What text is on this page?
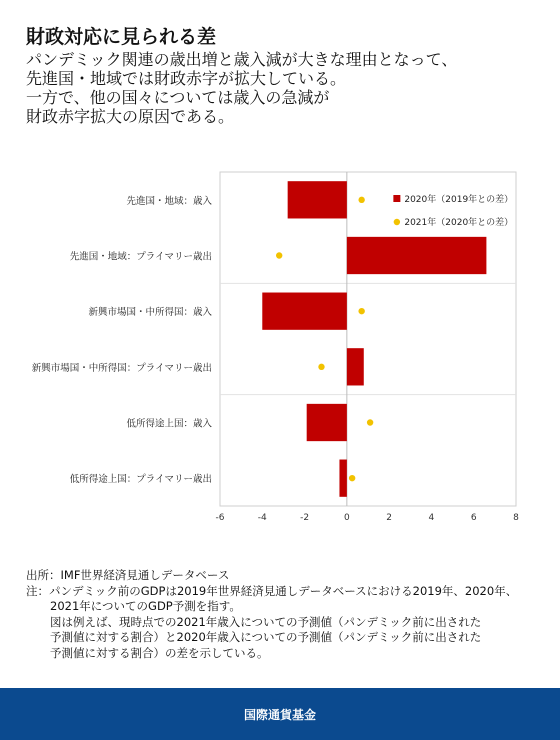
財政対応に見られる差

パンデミック関連の歳出増と歳入減が大きな理由となって、

先進国・地域では財政赤字が拡大している。

一方で、他の国々については歳入の急減が

財政赤字拡大の原因である。

先進国・地域：歳入
先進国・地域：プライマリー歳出
新興市場国・中所得国：歳入
新興市場国・中所得国：プライマリー歳出
低所得途上国：歳入
低所得途上国：プライマリー歳出
-6	-4	-2	0	2	4	6	8
2020年（2019年との差）
2021年（2020年との差）
出所：IMF世界経済見通しデータベース
注：パンデミック前のGDPは2019年世界経済見通しデータベースにおける2019年、2020年、
2021年についてのGDP予測を指す。
図は例えば、現時点での2021年歳入についての予測値（パンデミック前に出された
予測値に対する割合）と2020年歳入についての予測値（パンデミック前に出された
予測値に対する割合）の差を示している。
国際通貨基金
